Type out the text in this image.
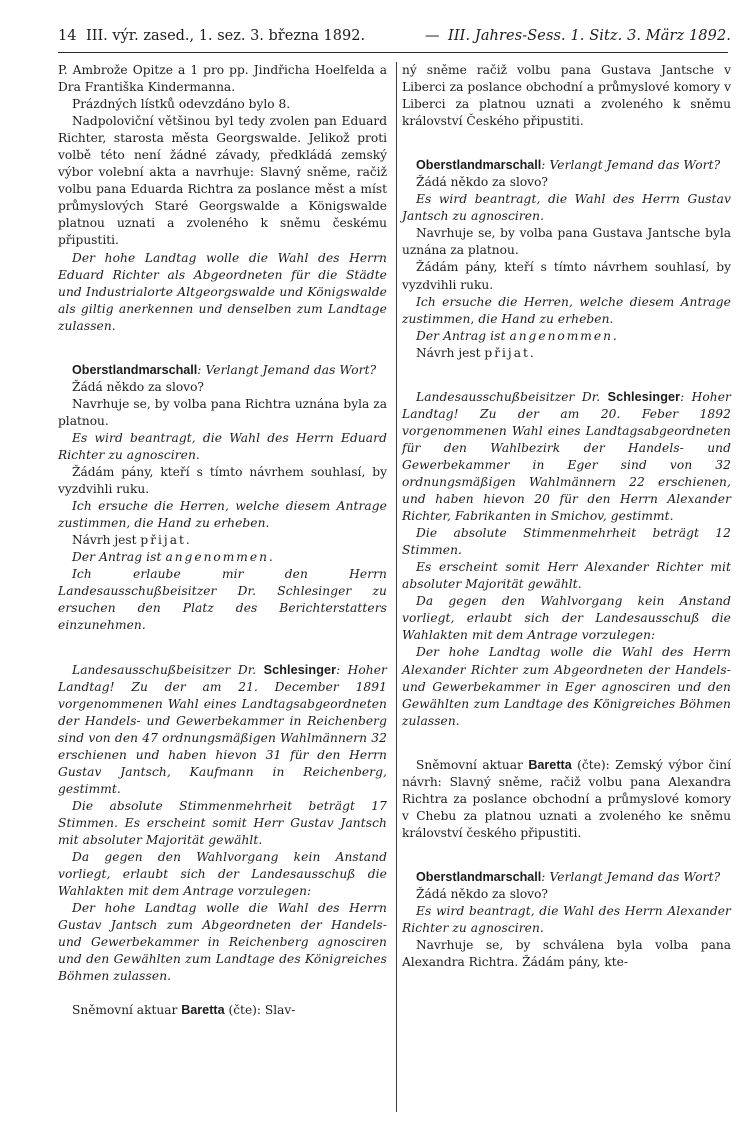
14 III. výr. zased., 1. sez. 3. března 1892.	— III. Jahres-Sess. 1. Sitz. 3. März 1892.

P. Ambrože Opitze a 1 pro pp. Jindřicha Hoelfelda a Dra Františka Kindermanna.

Prázdných lístků odevzdáno bylo 8.

Nadpoloviční většinou byl tedy zvolen pan Eduard Richter, starosta města Georgswalde. Jelikož proti volbě této není žádné závady, předkládá zemský výbor volební akta a navrhuje: Slavný sněme, račiž volbu pana Eduarda Richtra za poslance měst a míst průmyslových Staré Georgswalde a Königswalde platnou uznati a zvoleného k sněmu českému připustiti.

Der hohe Landtag wolle die Wahl des Herrn Eduard Richter als Abgeordneten für die Städte und Industrialorte Altgeorgswalde und Königswalde als giltig anerkennen und denselben zum Landtage zulassen.

Oberstlandmarschall: Verlangt Jemand das Wort?

Žádá někdo za slovo?

Navrhuje se, by volba pana Richtra uznána byla za platnou.

Es wird beantragt, die Wahl des Herrn Eduard Richter zu agnosciren.

Žádám pány, kteří s tímto návrhem souhlasí, by vyzdvihli ruku.

Ich ersuche die Herren, welche diesem Antrage zustimmen, die Hand zu erheben.

Návrh jest přijat.

Der Antrag ist angenommen.

Ich erlaube mir den Herrn Landesausschußbeisitzer Dr. Schlesinger zu ersuchen den Platz des Berichterstatters einzunehmen.

Landesausschußbeisitzer Dr. Schlesinger: Hoher Landtag! Zu der am 21. December 1891 vorgenommenen Wahl eines Landtagsabgeordneten der Handels- und Gewerbekammer in Reichenberg sind von den 47 ordnungsmäßigen Wahlmännern 32 erschienen und haben hievon 31 für den Herrn Gustav Jantsch, Kaufmann in Reichenberg, gestimmt.

Die absolute Stimmenmehrheit beträgt 17 Stimmen. Es erscheint somit Herr Gustav Jantsch mit absoluter Majorität gewählt.

Da gegen den Wahlvorgang kein Anstand vorliegt, erlaubt sich der Landesausschuß die Wahlakten mit dem Antrage vorzulegen:

Der hohe Landtag wolle die Wahl des Herrn Gustav Jantsch zum Abgeordneten der Handels- und Gewerbekammer in Reichenberg agnosciren und den Gewählten zum Landtage des Königreiches Böhmen zulassen.

Sněmovní aktuar Baretta (čte): Slav-

ný sněme račiž volbu pana Gustava Jantsche v Liberci za poslance obchodní a průmyslové komory v Liberci za platnou uznati a zvoleného k sněmu království Českého připustiti.

Oberstlandmarschall: Verlangt Jemand das Wort?

Žádá někdo za slovo?

Es wird beantragt, die Wahl des Herrn Gustav Jantsch zu agnosciren.

Navrhuje se, by volba pana Gustava Jantsche byla uznána za platnou.

Žádám pány, kteří s tímto návrhem souhlasí, by vyzdvihli ruku.

Ich ersuche die Herren, welche diesem Antrage zustimmen, die Hand zu erheben.

Der Antrag ist angenommen.

Návrh jest přijat.

Landesausschußbeisitzer Dr. Schlesinger: Hoher Landtag! Zu der am 20. Feber 1892 vorgenommenen Wahl eines Landtagsabgeordneten für den Wahlbezirk der Handels- und Gewerbekammer in Eger sind von 32 ordnungsmäßigen Wahlmännern 22 erschienen, und haben hievon 20 für den Herrn Alexander Richter, Fabrikanten in Smichov, gestimmt.

Die absolute Stimmenmehrheit beträgt 12 Stimmen.

Es erscheint somit Herr Alexander Richter mit absoluter Majorität gewählt.

Da gegen den Wahlvorgang kein Anstand vorliegt, erlaubt sich der Landesausschuß die Wahlakten mit dem Antrage vorzulegen:

Der hohe Landtag wolle die Wahl des Herrn Alexander Richter zum Abgeordneten der Handels- und Gewerbekammer in Eger agnosciren und den Gewählten zum Landtage des Königreiches Böhmen zulassen.

Sněmovní aktuar Baretta (čte): Zemský výbor činí návrh: Slavný sněme, račiž volbu pana Alexandra Richtra za poslance obchodní a průmyslové komory v Chebu za platnou uznati a zvoleného ke sněmu království českého připustiti.

Oberstlandmarschall: Verlangt Jemand das Wort?

Žádá někdo za slovo?

Es wird beantragt, die Wahl des Herrn Alexander Richter zu agnosciren.

Navrhuje se, by schválena byla volba pana Alexandra Richtra. Žádám pány, kte-
